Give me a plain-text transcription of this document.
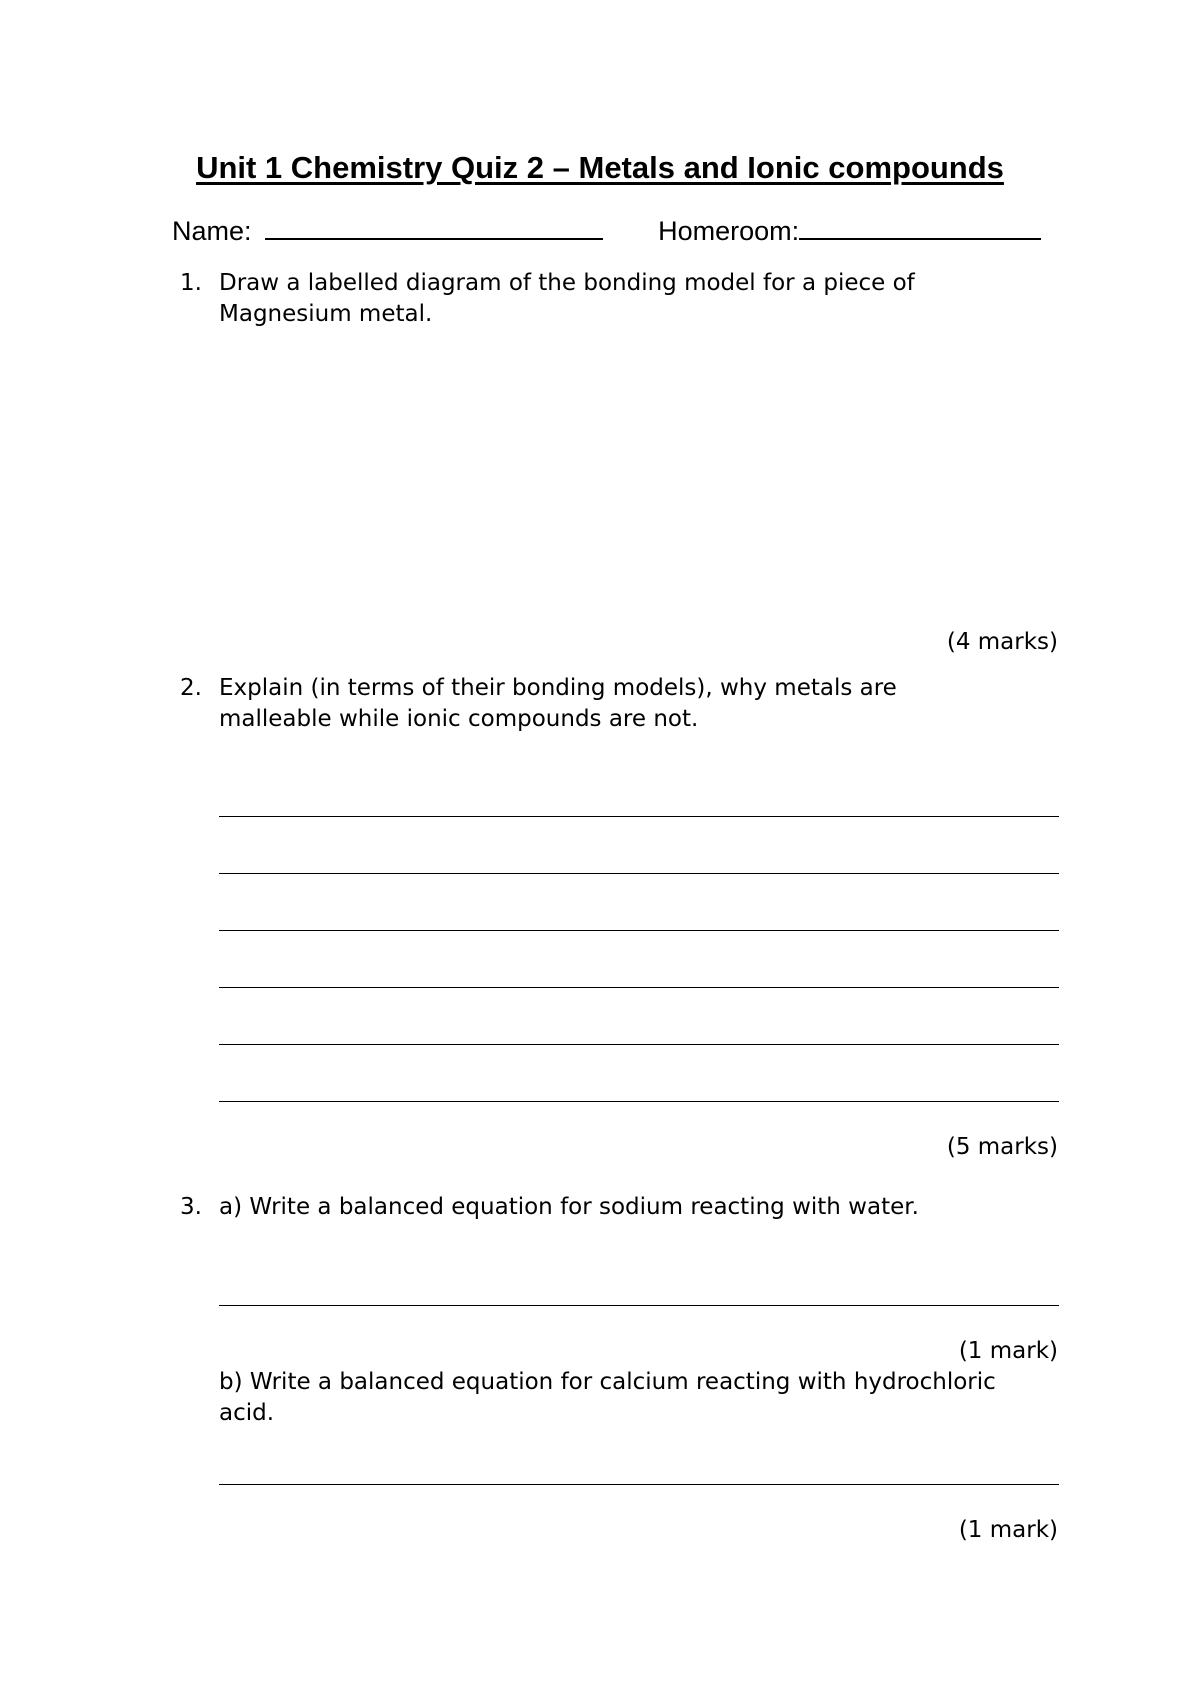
Unit 1 Chemistry Quiz 2 – Metals and Ionic compounds
Name:	Homeroom:
1. Draw a labelled diagram of the bonding model for a piece of

Magnesium metal.

(4 marks)
2. Explain (in terms of their bonding models), why metals are

malleable while ionic compounds are not.

(5 marks)
3. a) Write a balanced equation for sodium reacting with water.

(1 mark)

b) Write a balanced equation for calcium reacting with hydrochloric

acid.

(1 mark)
